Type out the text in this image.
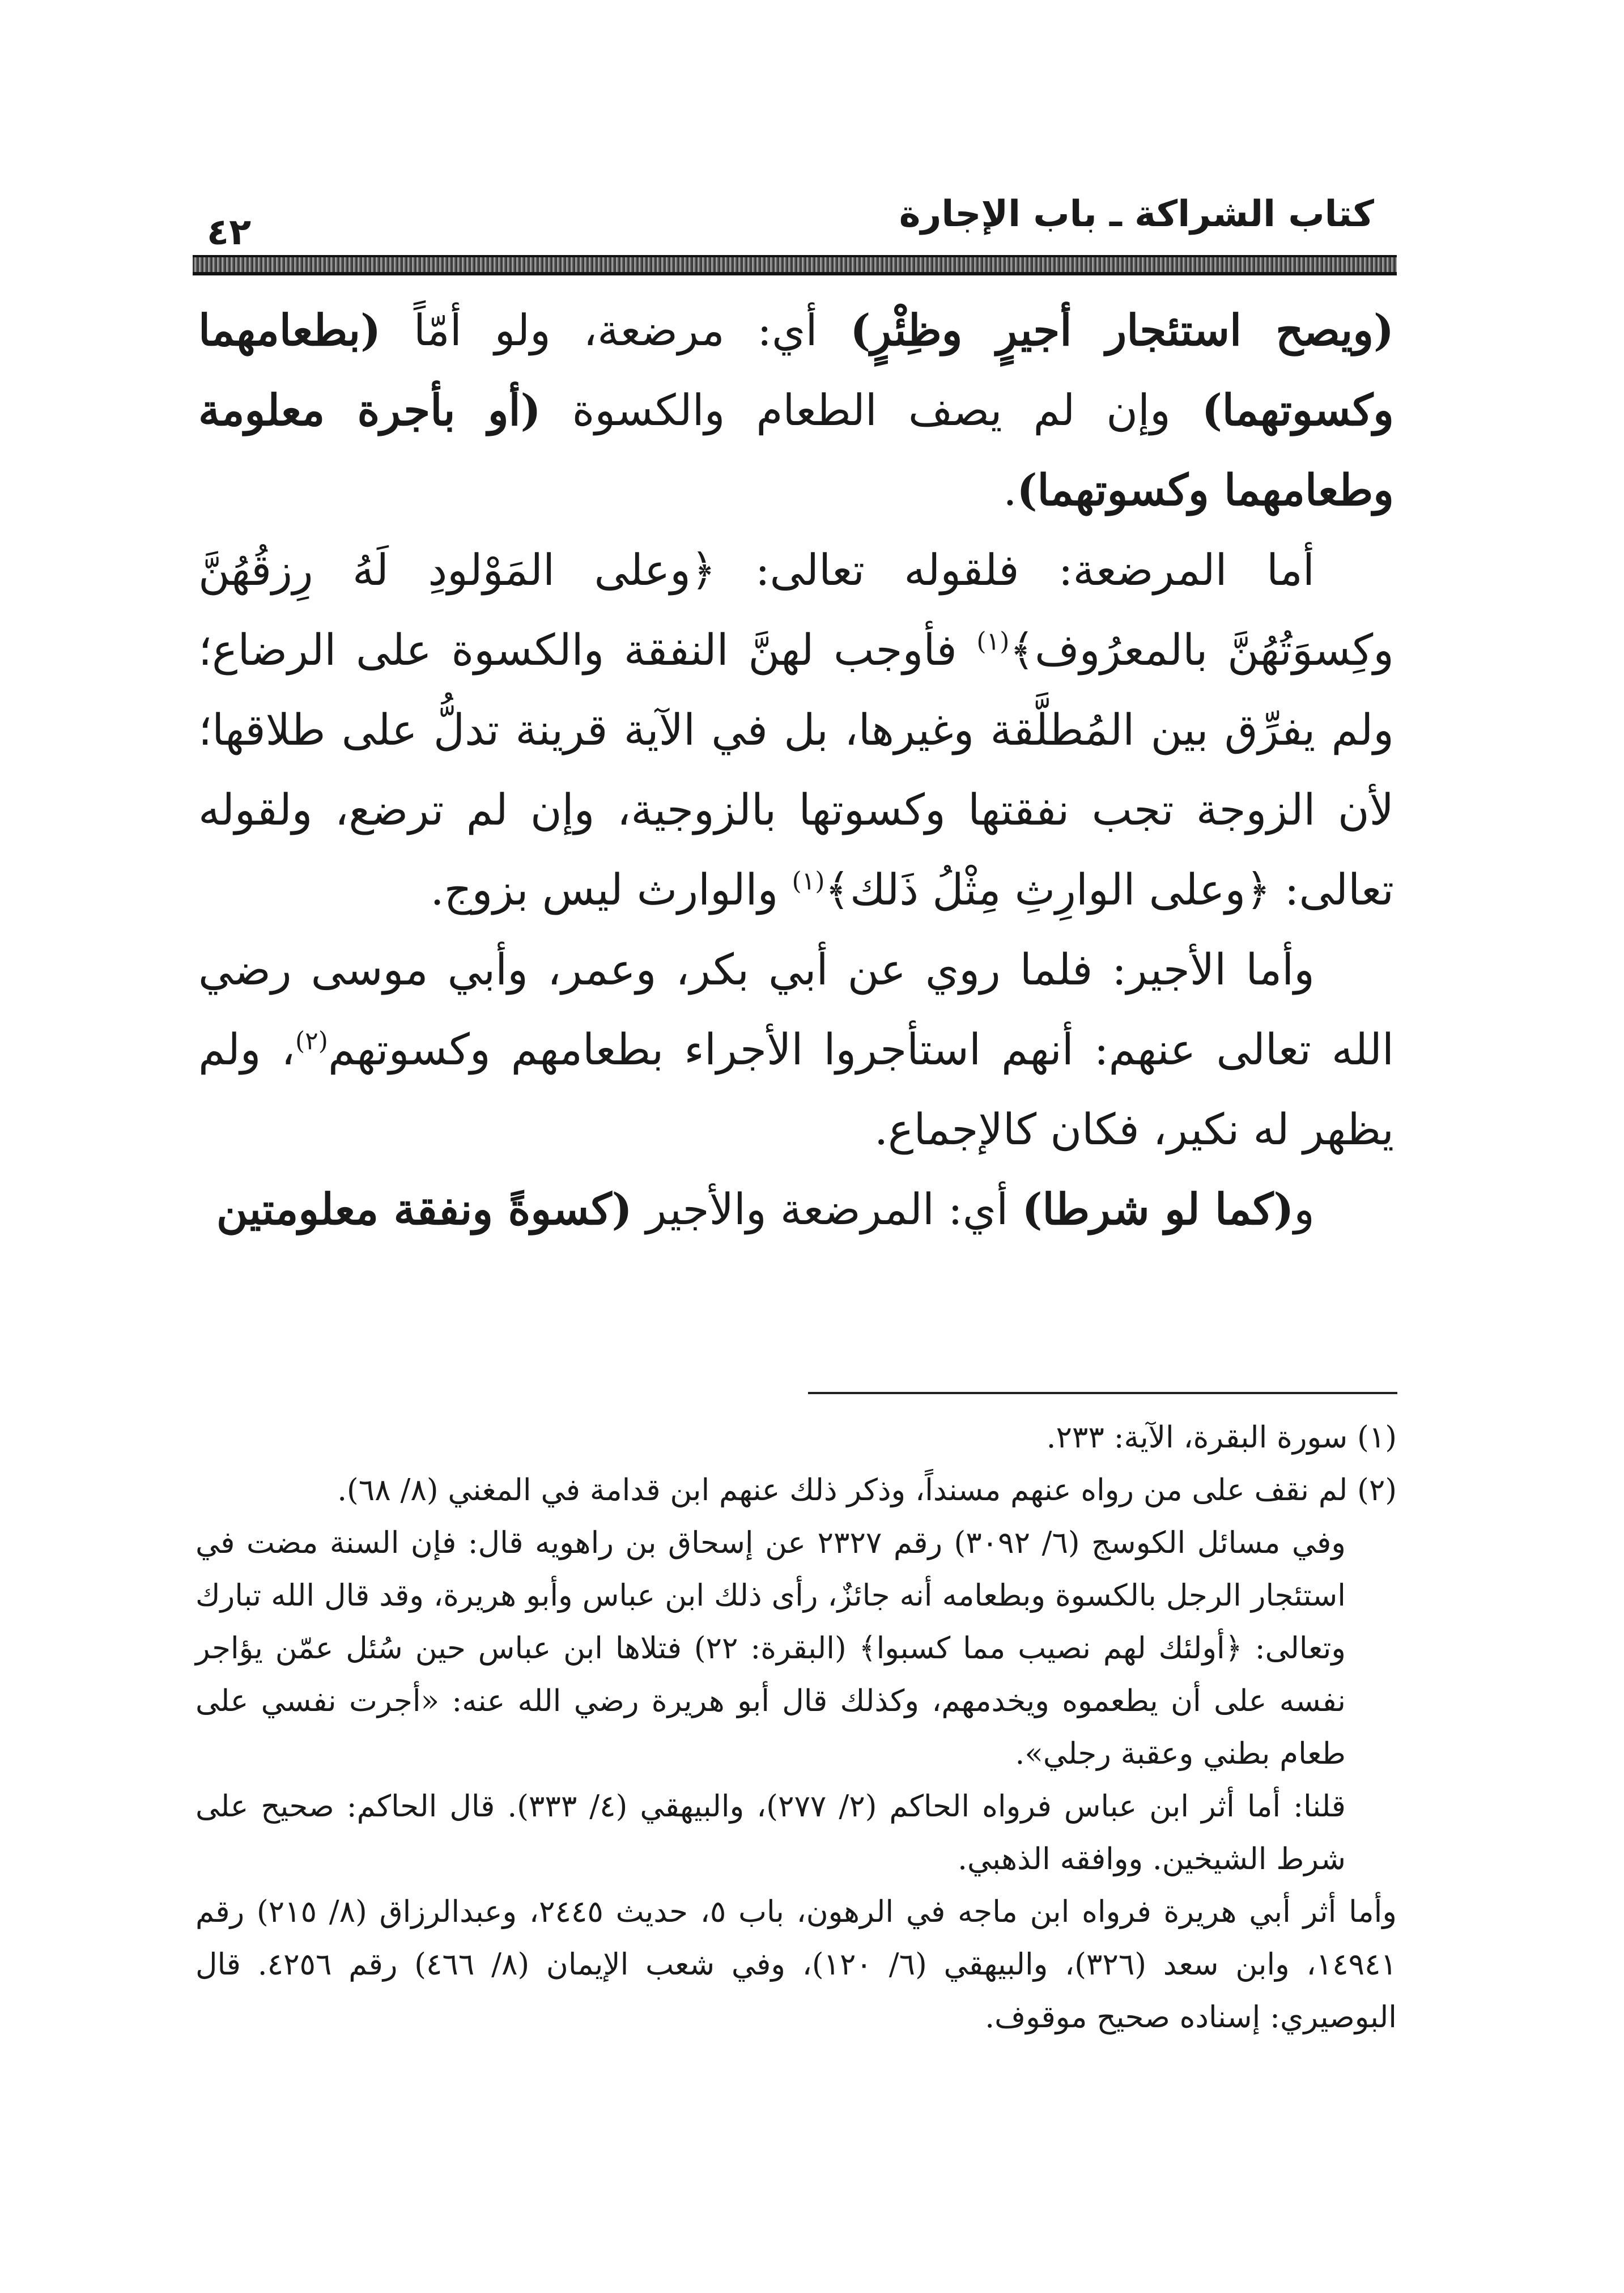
كتاب الشراكة ـ باب الإجارة
٤٢

(ويصح استئجار أجيرٍ وظِئْرٍ) أي: مرضعة، ولو أمّاً (بطعامهما وكسوتهما) وإن لم يصف الطعام والكسوة (أو بأجرة معلومة وطعامهما وكسوتهما).

أما المرضعة: فلقوله تعالى: ﴿وعلى المَوْلودِ لَهُ رِزقُهُنَّ وكِسوَتُهُنَّ بالمعرُوف﴾$^{(١)}$ فأوجب لهنَّ النفقة والكسوة على الرضاع؛ ولم يفرِّق بين المُطلَّقة وغيرها، بل في الآية قرينة تدلُّ على طلاقها؛ لأن الزوجة تجب نفقتها وكسوتها بالزوجية، وإن لم ترضع، ولقوله تعالى: ﴿وعلى الوارِثِ مِثْلُ ذَلك﴾$^{(١)}$ والوارث ليس بزوج.

وأما الأجير: فلما روي عن أبي بكر، وعمر، وأبي موسى رضي الله تعالى عنهم: أنهم استأجروا الأجراء بطعامهم وكسوتهم$^{(٢)}$، ولم يظهر له نكير، فكان كالإجماع.

و(كما لو شرطا) أي: المرضعة والأجير (كسوةً ونفقة معلومتين

(١) سورة البقرة، الآية: ٢٣٣.

(٢) لم نقف على من رواه عنهم مسنداً، وذكر ذلك عنهم ابن قدامة في المغني (٨/ ٦٨).

وفي مسائل الكوسج (٦/ ٣٠٩٢) رقم ٢٣٢٧ عن إسحاق بن راهويه قال: فإن السنة مضت في استئجار الرجل بالكسوة وبطعامه أنه جائزٌ، رأى ذلك ابن عباس وأبو هريرة، وقد قال الله تبارك وتعالى: ﴿أولئك لهم نصيب مما كسبوا﴾ (البقرة: ٢٢) فتلاها ابن عباس حين سُئل عمّن يؤاجر نفسه على أن يطعموه ويخدمهم، وكذلك قال أبو هريرة رضي الله عنه: «أجرت نفسي على طعام بطني وعقبة رجلي».

قلنا: أما أثر ابن عباس فرواه الحاكم (٢/ ٢٧٧)، والبيهقي (٤/ ٣٣٣). قال الحاكم: صحيح على شرط الشيخين. ووافقه الذهبي.

وأما أثر أبي هريرة فرواه ابن ماجه في الرهون، باب ٥، حديث ٢٤٤٥، وعبدالرزاق (٨/ ٢١٥) رقم ١٤٩٤١، وابن سعد (٣٢٦)، والبيهقي (٦/ ١٢٠)، وفي شعب الإيمان (٨/ ٤٦٦) رقم ٤٢٥٦. قال البوصيري: إسناده صحيح موقوف.
